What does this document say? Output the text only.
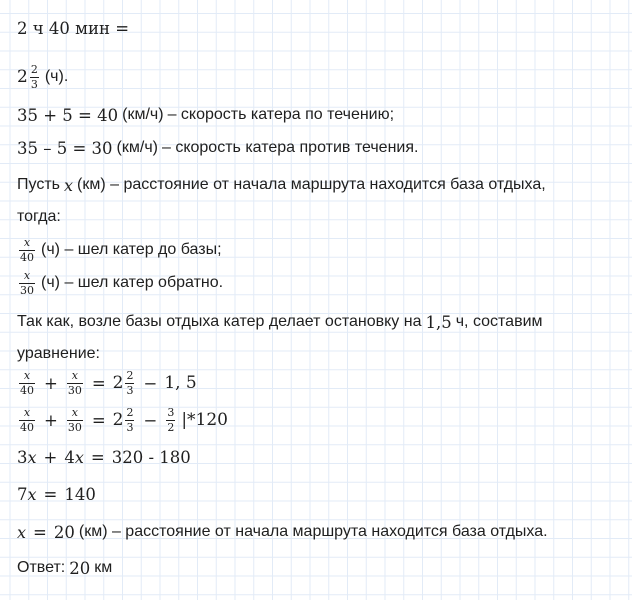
2 ч 40 мин =
$2 \frac{2}{3} (ч)$.
35 + 5 = 40 (км/ч) – скорость катера по течению;
35 – 5 = 30 (км/ч) – скорость катера против течения.
Пусть x (км) – расстояние от начала маршрута находится база отдыха,
тогда:
$\frac{x}{40} (ч)$ – шел катер до базы;
$\frac{x}{30} (ч)$ – шел катер обратно.
Так как, возле базы отдыха катер делает остановку на 1,5 ч, составим
уравнение:
$\frac{x}{40} + \frac{x}{30} = 2 \frac{2}{3} - 1$, 5
$\frac{x}{40} + \frac{x}{30} = 2 \frac{2}{3} - \frac{3}{2} |*120$
3 x + 4 x = 320 - 180
7 x = 140
x = 20 (км) – расстояние от начала маршрута находится база отдыха.
Ответ: 20 км
